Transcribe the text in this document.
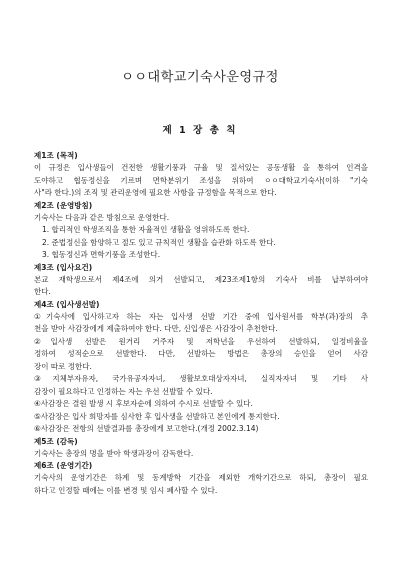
ㅇㅇ대학교기숙사운영규정
제 1 장 총 칙
제1조 (목적)
이 규정은 입사생들이 건전한 생활기풍과 규율 및 질서있는 공동생활 을 통하여 인격을
도야하고 협동정신을 기르며 면학분위기 조성을 위하여 ㅇㅇ대학교기숙사(이하 "기숙
사"라 한다.)의 조직 및 관리운영에 필요한 사항을 규정함을 목적으로 한다.
제2조 (운영방침)
기숙사는 다음과 같은 방침으로 운영한다.
1. 합리적인 학생조직을 통한 자율적인 생활을 영위하도록 한다.
2. 준법정신을 함양하고 절도 있고 규칙적인 생활을 습관화 하도록 한다.
3. 협동정신과 면학기풍을 조성한다.
제3조 (입사요건)
본교 재학생으로서 제4조에 의거 선발되고, 제23조제1항의 기숙사 비를 납부하여야
한다.
제4조 (입사생선발)
①기숙사에 입사하고자 하는 자는 입사생 선발 기간 중에 입사원서를 학부(과)장의 추
천을 받아 사감장에게 제출하여야 한다. 다만, 신입생은 사감장이 추천한다.
②입사생 선발은 원거리 거주자 및 저학년을 우선하여 선발하되, 일정비율을
정하여 성적순으로 선발한다. 다만, 선발하는 방법은 총장의 승인을 얻어 사감
장이 따로 정한다.
③지체부자유자, 국가유공자자녀, 생활보호대상자자녀, 실직자자녀 및 기타 사
감장이 필요하다고 인정하는 자는 우선 선발할 수 있다.
④사감장은 결원 발생 시 후보자순에 의하여 수시로 선발할 수 있다.
⑤사감장은 입사 희망자를 심사한 후 입사생을 선발하고 본인에게 통지한다.
⑥사감장은 전항의 선발결과를 총장에게 보고한다.(개정 2002.3.14)
제5조 (감독)
기숙사는 총장의 명을 받아 학생과장이 감독한다.
제6조 (운영기간)
기숙사의 운영기간은 하계 및 동계방학 기간을 제외한 개학기간으로 하되, 총장이 필요
하다고 인정할 때에는 이를 변경 및 임시 폐사할 수 있다.
